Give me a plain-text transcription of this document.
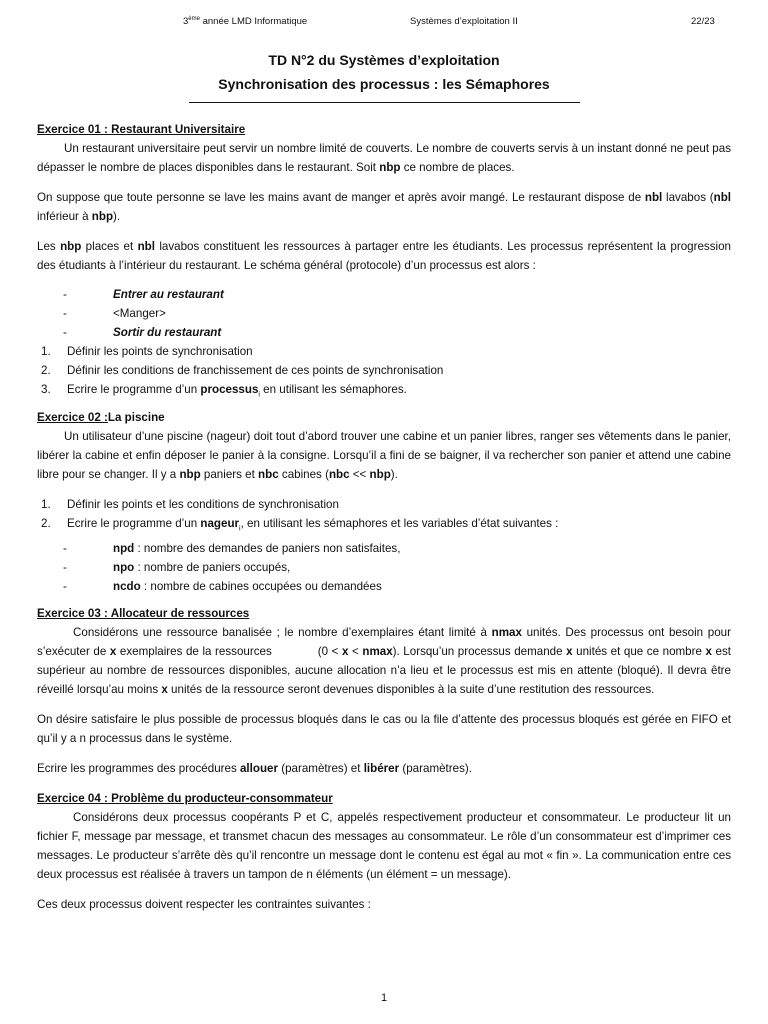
3ème année LMD Informatique	Systèmes d’exploitation II	22/23
TD N°2 du Systèmes d’exploitation
Synchronisation des processus : les Sémaphores

Exercice 01 : Restaurant Universitaire

Un restaurant universitaire peut servir un nombre limité de couverts. Le nombre de couverts servis à un instant donné ne peut pas dépasser le nombre de places disponibles dans le restaurant. Soit nbp ce nombre de places.

On suppose que toute personne se lave les mains avant de manger et après avoir mangé. Le restaurant dispose de nbl lavabos (nbl inférieur à nbp).

Les nbp places et nbl lavabos constituent les ressources à partager entre les étudiants. Les processus représentent la progression des étudiants à l’intérieur du restaurant. Le schéma général (protocole) d’un processus est alors :

-	Entrer au restaurant
-	<Manger>
-	Sortir du restaurant
1.	Définir les points de synchronisation
2.	Définir les conditions de franchissement de ces points de synchronisation
3.	Ecrire le programme d’un processus$_i$ en utilisant les sémaphores.

Exercice 02 :La piscine

Un utilisateur d’une piscine (nageur) doit tout d’abord trouver une cabine et un panier libres, ranger ses vêtements dans le panier, libérer la cabine et enfin déposer le panier à la consigne. Lorsqu’il a fini de se baigner, il va rechercher son panier et attend une cabine libre pour se changer. Il y a nbp paniers et nbc cabines (nbc << nbp).

1.	Définir les points et les conditions de synchronisation
2.	Ecrire le programme d’un nageur$_i$, en utilisant les sémaphores et les variables d’état suivantes :
-	npd : nombre des demandes de paniers non satisfaites,
-	npo : nombre de paniers occupés,
-	ncdo : nombre de cabines occupées ou demandées

Exercice 03 : Allocateur de ressources

Considérons une ressource banalisée ; le nombre d’exemplaires étant limité à nmax unités. Des processus ont besoin pour s’exécuter de x exemplaires de la ressources	(0 < x < nmax). Lorsqu’un processus demande x unités et que ce nombre x est supérieur au nombre de ressources disponibles, aucune allocation n’a lieu et le processus est mis en attente (bloqué). Il devra être réveillé lorsqu’au moins x unités de la ressource seront devenues disponibles à la suite d’une restitution des ressources.

On désire satisfaire le plus possible de processus bloqués dans le cas ou la file d’attente des processus bloqués est gérée en FIFO et qu’il y a n processus dans le système.

Ecrire les programmes des procédures allouer (paramètres) et libérer (paramètres).

Exercice 04 : Problème du producteur-consommateur

Considérons deux processus coopérants P et C, appelés respectivement producteur et consommateur. Le producteur lit un fichier F, message par message, et transmet chacun des messages au consommateur. Le rôle d’un consommateur est d’imprimer ces messages. Le producteur s’arrête dès qu’il rencontre un message dont le contenu est égal au mot « fin ». La communication entre ces deux processus est réalisée à travers un tampon de n éléments (un élément = un message).

Ces deux processus doivent respecter les contraintes suivantes :

1
